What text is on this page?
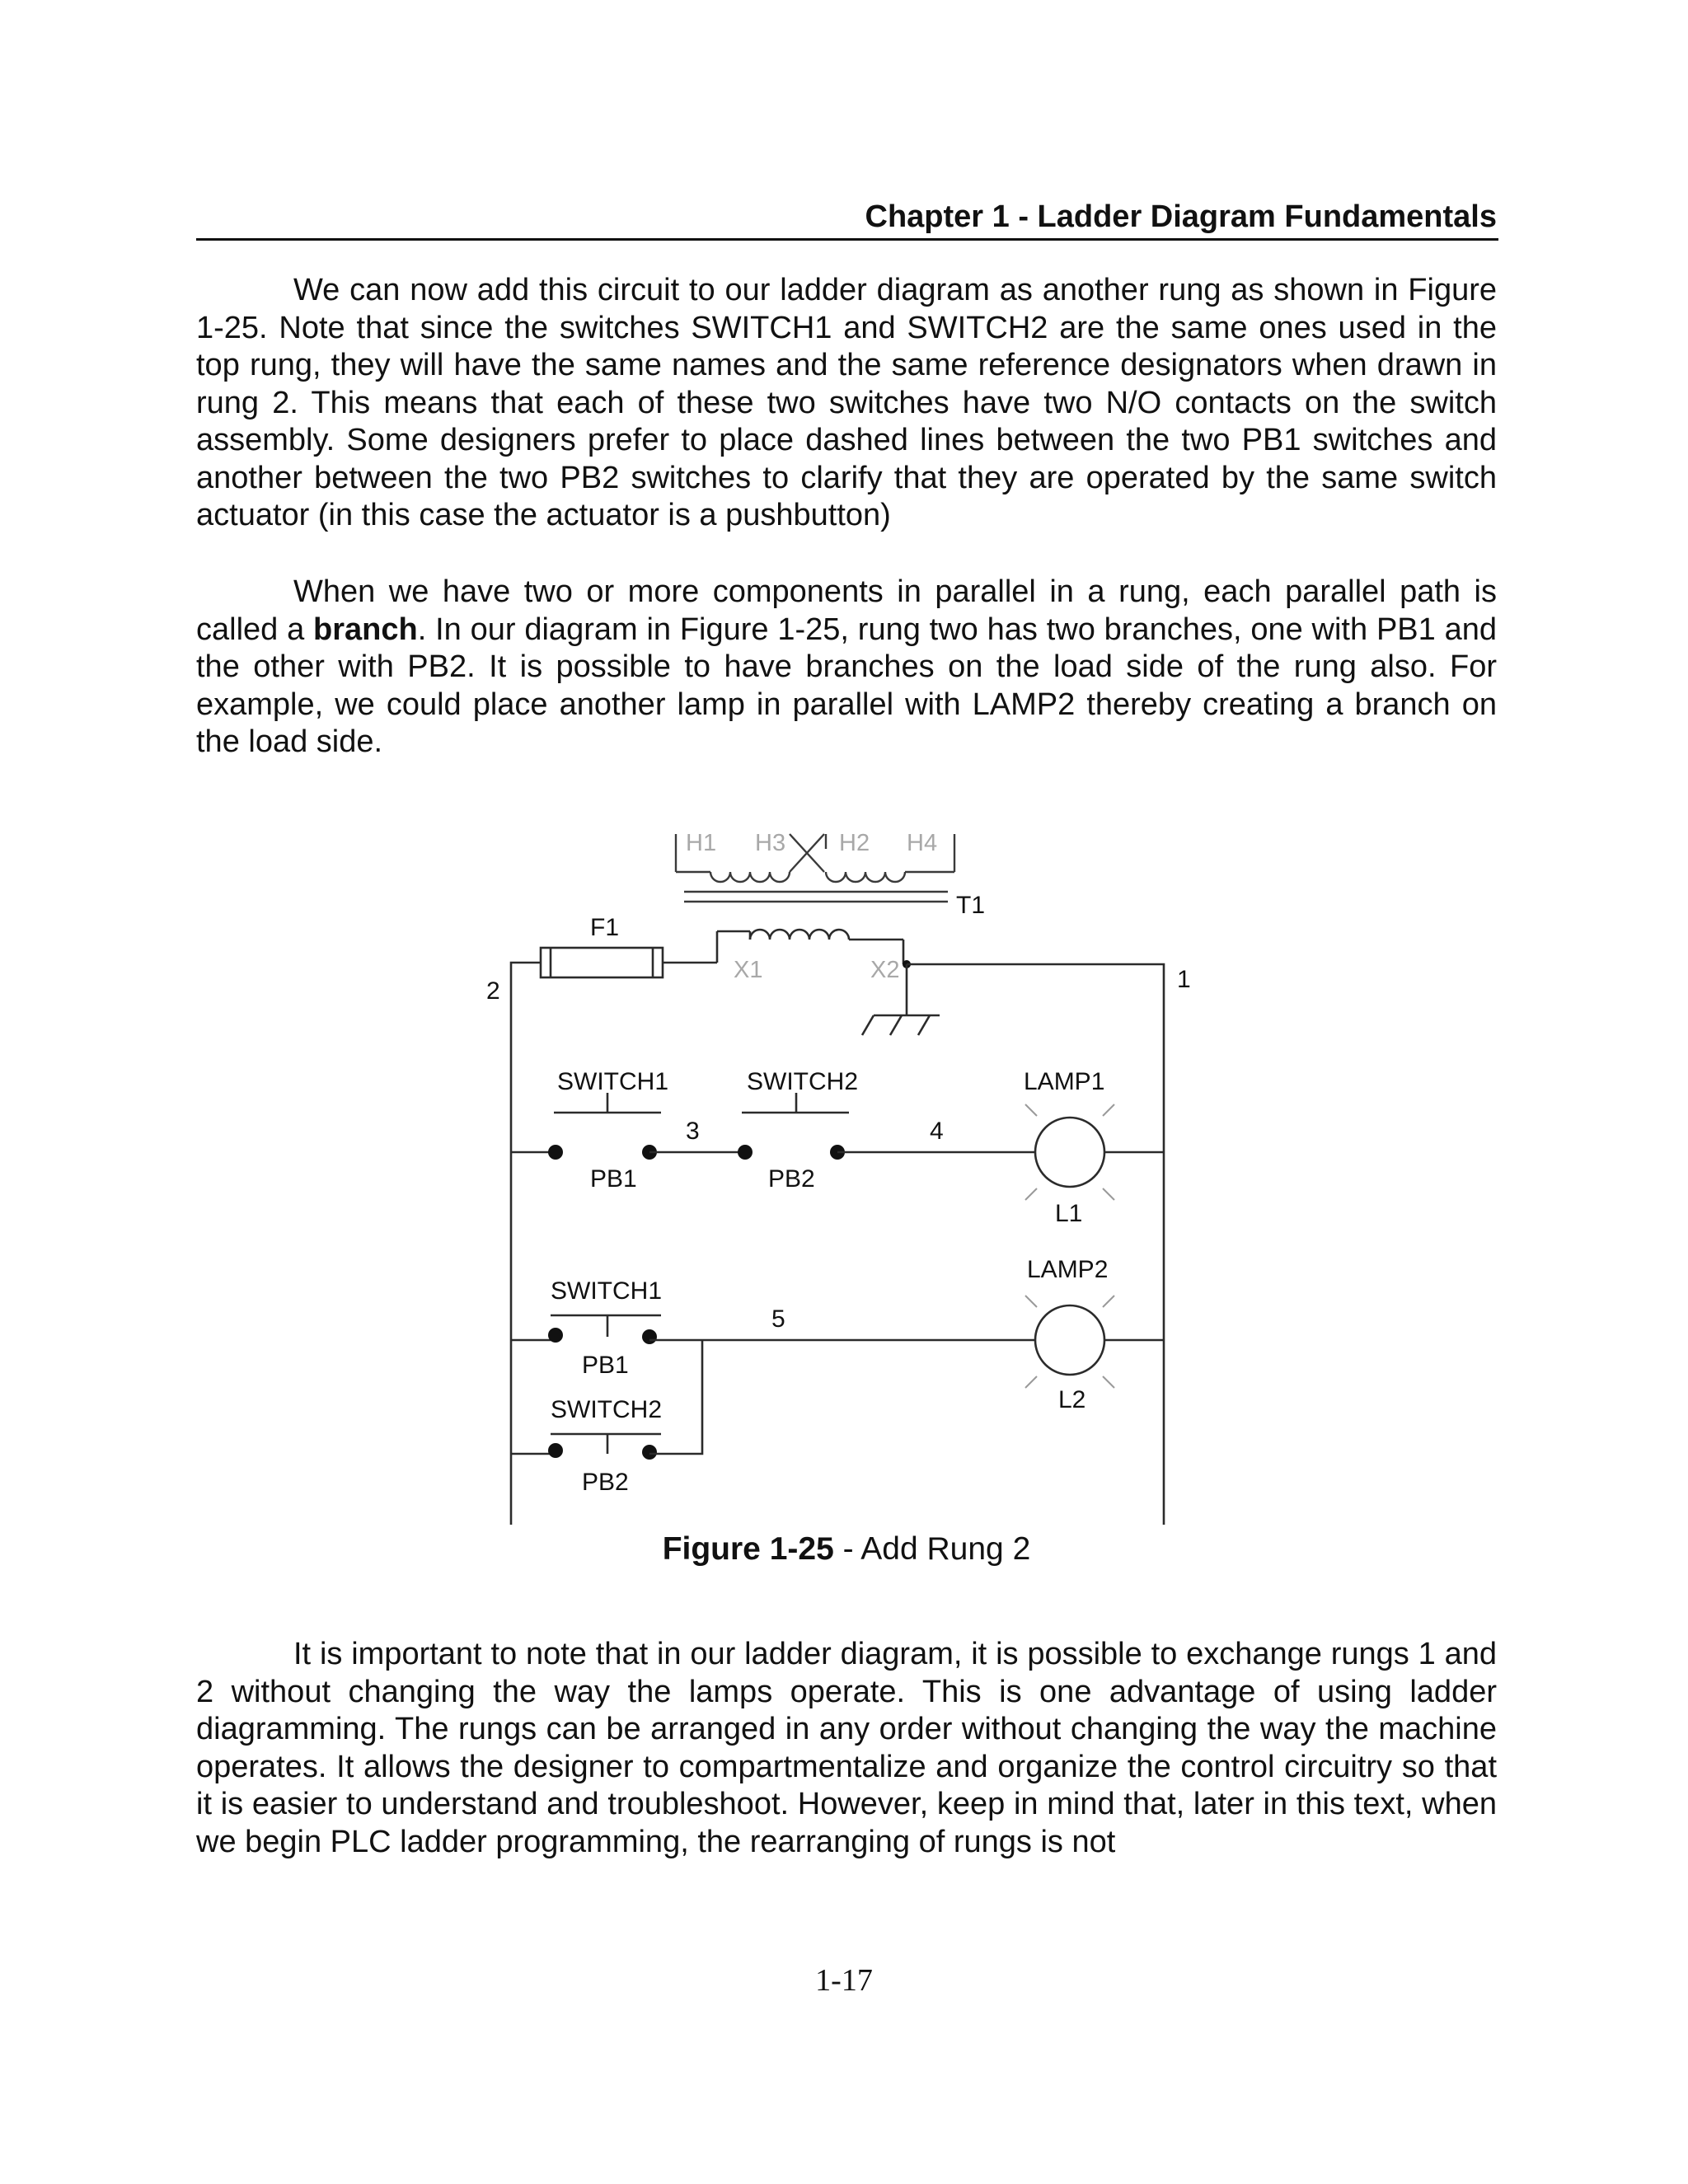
Chapter 1 - Ladder Diagram Fundamentals

We can now add this circuit to our ladder diagram as another rung as shown in Figure 1-25. Note that since the switches SWITCH1 and SWITCH2 are the same ones used in the top rung, they will have the same names and the same reference designators when drawn in rung 2. This means that each of these two switches have two N/O contacts on the switch assembly. Some designers prefer to place dashed lines between the two PB1 switches and another between the two PB2 switches to clarify that they are operated by the same switch actuator (in this case the actuator is a pushbutton)

When we have two or more components in parallel in a rung, each parallel path is called a branch. In our diagram in Figure 1-25, rung two has two branches, one with PB1 and the other with PB2. It is possible to have branches on the load side of the rung also. For example, we could place another lamp in parallel with LAMP2 thereby creating a branch on the load side.

H1 H3 H2 H4
T1
X1	X2
F1
2	1
SWITCH1	SWITCH2
PB1	PB2
3	4
LAMP1
L1
SWITCH1
PB1
SWITCH2
PB2
5
LAMP2
L2
Figure 1-25 - Add Rung 2

It is important to note that in our ladder diagram, it is possible to exchange rungs 1 and 2 without changing the way the lamps operate. This is one advantage of using ladder diagramming. The rungs can be arranged in any order without changing the way the machine operates. It allows the designer to compartmentalize and organize the control circuitry so that it is easier to understand and troubleshoot. However, keep in mind that, later in this text, when we begin PLC ladder programming, the rearranging of rungs is not

1-17
